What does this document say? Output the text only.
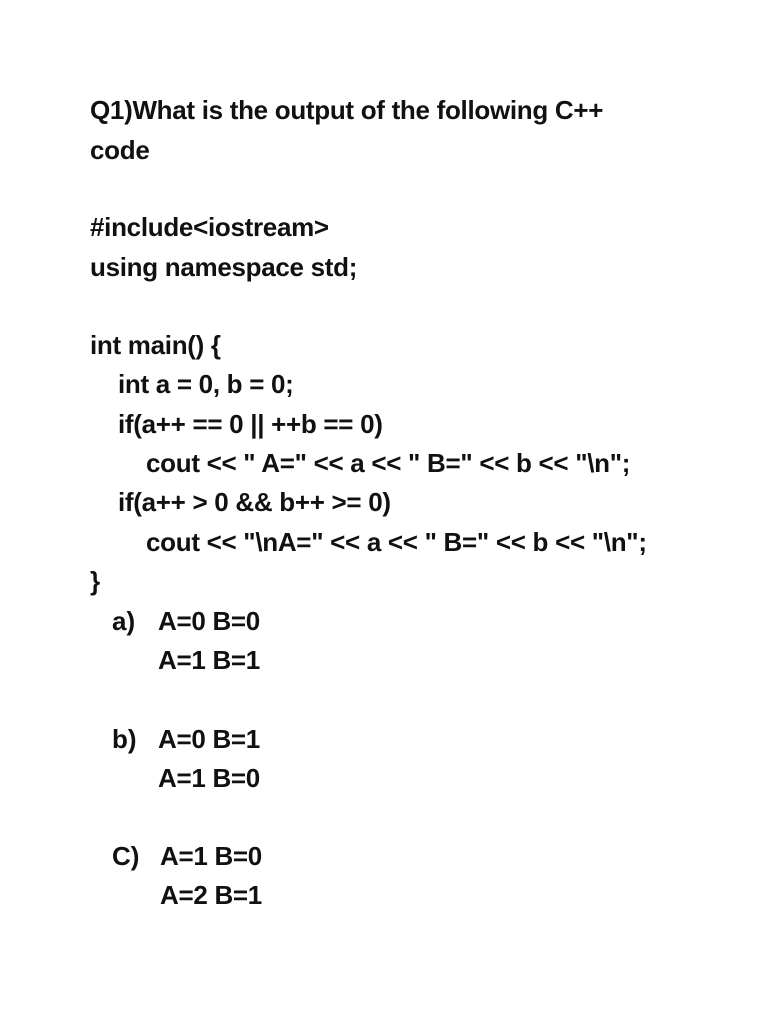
Q1)What is the output of the following C++
code
#include<iostream>
using namespace std;
int main() {
int a = 0, b = 0;
if(a++ == 0 || ++b == 0)
cout << " A=" << a << " B=" << b << "\n";
if(a++ > 0 && b++ >= 0)
cout << "\nA=" << a << " B=" << b << "\n";
}
a) A=0 B=0
A=1 B=1
b) A=0 B=1
A=1 B=0
C) A=1 B=0
A=2 B=1
